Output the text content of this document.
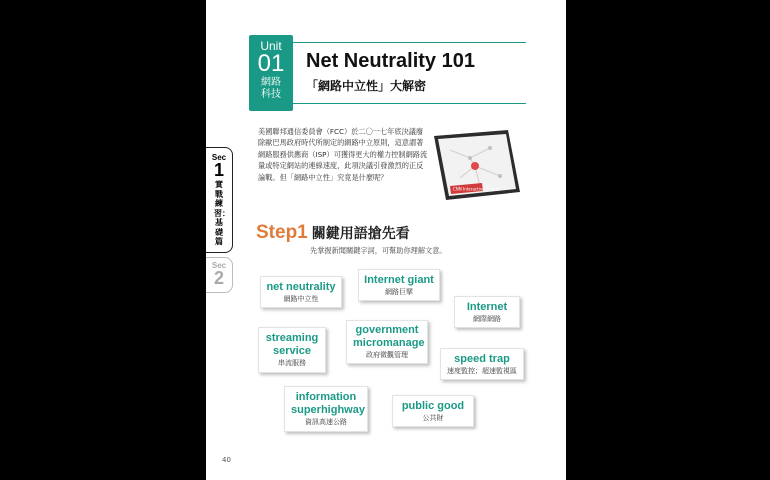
Unit
01
網路
科技
Net Neutrality 101
「網路中立性」大解密
美國聯邦通信委員會（FCC）於二〇一七年底決議廢除歐巴馬政府時代所制定的網路中立原則，這意謂著網路服務供應商（ISP）可獲得更大的權力控制網路流量或特定網站的連線速度，此項決議引發激烈的正反論戰。但「網路中立性」究竟是什麼呢？
CNN Interactive English
Sec
1
實戰練習：基礎篇
Sec
2
Step1 關鍵用語搶先看
先掌握新聞關鍵字詞，可幫助你理解文意。
net neutrality
網路中立性
Internet giant
網路巨擘
Internet
網際網路
streaming service
串流服務
government micromanage
政府微觀管理	speed trap
速度監控；超速監視區
information superhighway
資訊高速公路
public good
公共財
40
